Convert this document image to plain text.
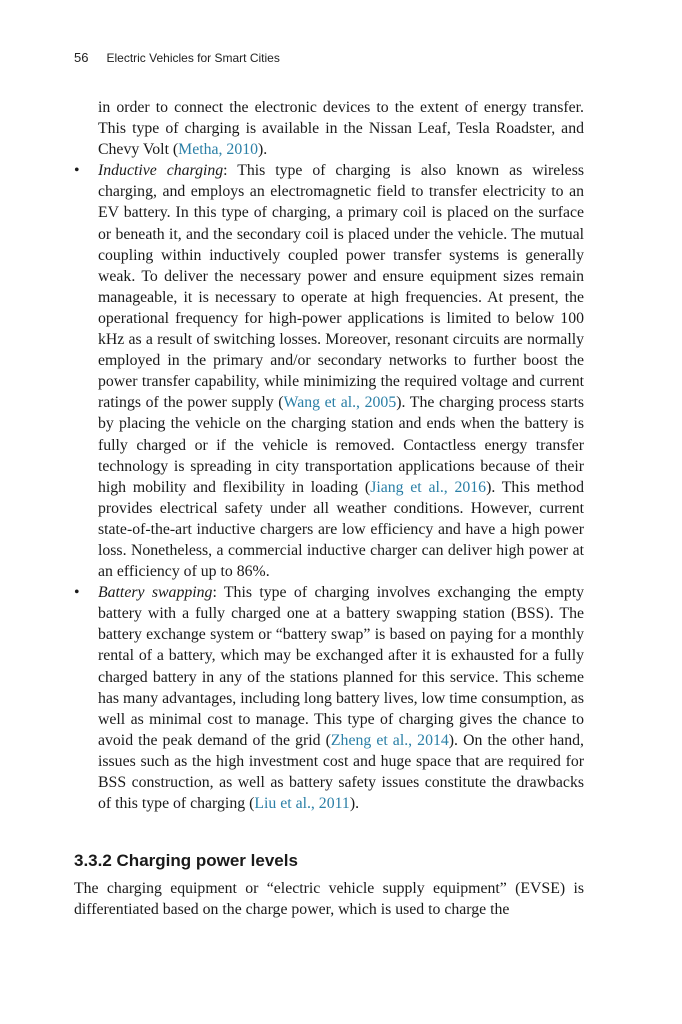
56 Electric Vehicles for Smart Cities

in order to connect the electronic devices to the extent of energy transfer. This type of charging is available in the Nissan Leaf, Tesla Roadster, and Chevy Volt (Metha, 2010).

• Inductive charging: This type of charging is also known as wireless charging, and employs an electromagnetic field to transfer electricity to an EV battery. In this type of charging, a primary coil is placed on the surface or beneath it, and the secondary coil is placed under the vehicle. The mutual coupling within inductively coupled power transfer systems is generally weak. To deliver the necessary power and ensure equipment sizes remain manageable, it is necessary to operate at high frequencies. At present, the operational frequency for high-power applications is limited to below 100 kHz as a result of switching losses. Moreover, resonant circuits are normally employed in the primary and/or secondary networks to further boost the power transfer capability, while minimizing the required voltage and current ratings of the power supply (Wang et al., 2005). The charging process starts by placing the vehicle on the charging station and ends when the battery is fully charged or if the vehicle is removed. Contactless energy transfer technology is spreading in city transportation applications because of their high mobility and flexibility in loading (Jiang et al., 2016). This method provides electrical safety under all weather conditions. However, current state-of-the-art inductive chargers are low efficiency and have a high power loss. Nonetheless, a commercial inductive charger can deliver high power at an efficiency of up to 86%.
• Battery swapping: This type of charging involves exchanging the empty battery with a fully charged one at a battery swapping station (BSS). The battery exchange system or “battery swap” is based on paying for a monthly rental of a battery, which may be exchanged after it is exhausted for a fully charged battery in any of the stations planned for this service. This scheme has many advantages, including long battery lives, low time consumption, as well as minimal cost to manage. This type of charging gives the chance to avoid the peak demand of the grid (Zheng et al., 2014). On the other hand, issues such as the high investment cost and huge space that are required for BSS construction, as well as battery safety issues constitute the drawbacks of this type of charging (Liu et al., 2011).
3.3.2 Charging power levels

The charging equipment or “electric vehicle supply equipment” (EVSE) is differentiated based on the charge power, which is used to charge the
